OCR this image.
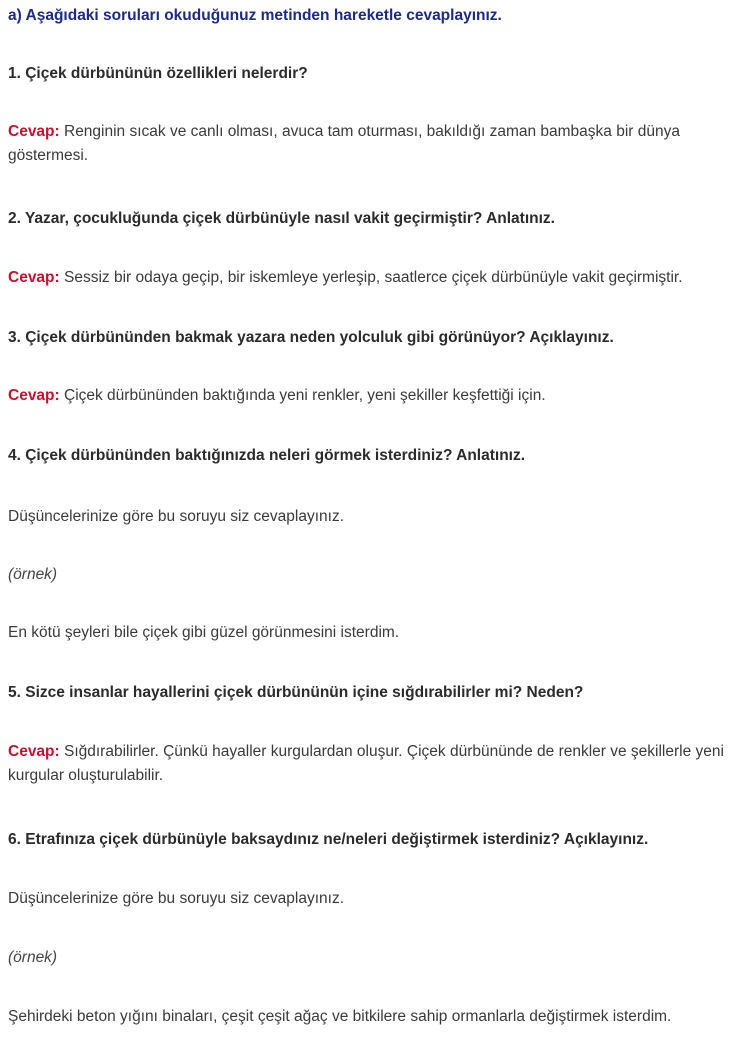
a) Aşağıdaki soruları okuduğunuz metinden hareketle cevaplayınız.

1. Çiçek dürbününün özellikleri nelerdir?

Cevap: Renginin sıcak ve canlı olması, avuca tam oturması, bakıldığı zaman bambaşka bir dünya göstermesi.

2. Yazar, çocukluğunda çiçek dürbünüyle nasıl vakit geçirmiştir? Anlatınız.

Cevap: Sessiz bir odaya geçip, bir iskemleye yerleşip, saatlerce çiçek dürbünüyle vakit geçirmiştir.

3. Çiçek dürbününden bakmak yazara neden yolculuk gibi görünüyor? Açıklayınız.

Cevap: Çiçek dürbününden baktığında yeni renkler, yeni şekiller keşfettiği için.

4. Çiçek dürbününden baktığınızda neleri görmek isterdiniz? Anlatınız.

Düşüncelerinize göre bu soruyu siz cevaplayınız.

(örnek)

En kötü şeyleri bile çiçek gibi güzel görünmesini isterdim.

5. Sizce insanlar hayallerini çiçek dürbününün içine sığdırabilirler mi? Neden?

Cevap: Sığdırabilirler. Çünkü hayaller kurgulardan oluşur. Çiçek dürbününde de renkler ve şekillerle yeni kurgular oluşturulabilir.

6. Etrafınıza çiçek dürbünüyle baksaydınız ne/neleri değiştirmek isterdiniz? Açıklayınız.

Düşüncelerinize göre bu soruyu siz cevaplayınız.

(örnek)

Şehirdeki beton yığını binaları, çeşit çeşit ağaç ve bitkilere sahip ormanlarla değiştirmek isterdim.
